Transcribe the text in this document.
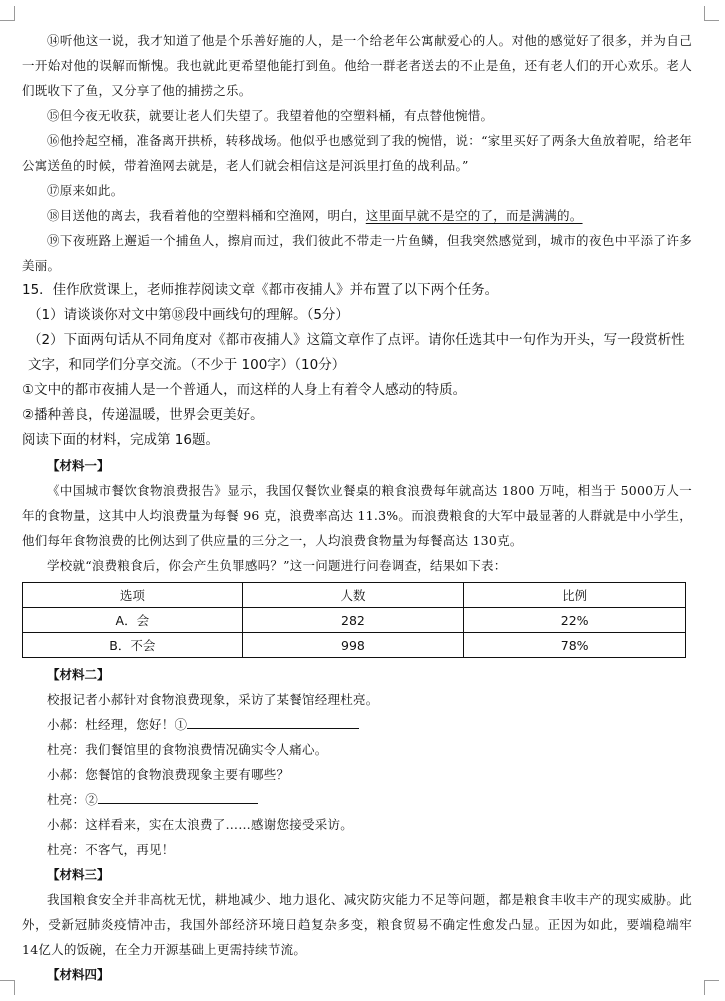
⑭听他这一说，我才知道了他是个乐善好施的人，是一个给老年公寓献爱心的人。对他的感觉好了很多，并为自己一开始对他的误解而惭愧。我也就此更希望他能打到鱼。他给一群老者送去的不止是鱼，还有老人们的开心欢乐。老人们既收下了鱼，又分享了他的捕捞之乐。

⑮但今夜无收获，就要让老人们失望了。我望着他的空塑料桶，有点替他惋惜。

⑯他拎起空桶，准备离开拱桥，转移战场。他似乎也感觉到了我的惋惜，说：“家里买好了两条大鱼放着呢，给老年公寓送鱼的时候，带着渔网去就是，老人们就会相信这是河浜里打鱼的战利品。”

⑰原来如此。

⑱目送他的离去，我看着他的空塑料桶和空渔网，明白，这里面早就不是空的了，而是满满的。

⑲下夜班路上邂逅一个捕鱼人，擦肩而过，我们彼此不带走一片鱼鳞，但我突然感觉到，城市的夜色中平添了许多美丽。

15．佳作欣赏课上，老师推荐阅读文章《都市夜捕人》并布置了以下两个任务。

（1）请谈谈你对文中第⑱段中画线句的理解。（5分）

（2）下面两句话从不同角度对《都市夜捕人》这篇文章作了点评。请你任选其中一句作为开头，写一段赏析性文字，和同学们分享交流。（不少于 100字）（10分）

①文中的都市夜捕人是一个普通人，而这样的人身上有着令人感动的特质。

②播种善良，传递温暖，世界会更美好。

阅读下面的材料，完成第 16题。

【材料一】

《中国城市餐饮食物浪费报告》显示，我国仅餐饮业餐桌的粮食浪费每年就高达 1800 万吨，相当于 5000万人一年的食物量，这其中人均浪费量为每餐 96 克，浪费率高达 11.3%。而浪费粮食的大军中最显著的人群就是中小学生，他们每年食物浪费的比例达到了供应量的三分之一，人均浪费食物量为每餐高达 130克。

学校就“浪费粮食后，你会产生负罪感吗？”这一问题进行问卷调查，结果如下表：

选项	人数	比例
A．会	282	22%
B．不会	998	78%

【材料二】

校报记者小郝针对食物浪费现象，采访了某餐馆经理杜亮。

小郝：杜经理，您好！①

杜亮：我们餐馆里的食物浪费情况确实令人痛心。

小郝：您餐馆的食物浪费现象主要有哪些？

杜亮：②

小郝：这样看来，实在太浪费了……感谢您接受采访。

杜亮：不客气，再见！

【材料三】

我国粮食安全并非高枕无忧，耕地减少、地力退化、减灾防灾能力不足等问题，都是粮食丰收丰产的现实威胁。此外，受新冠肺炎疫情冲击，我国外部经济环境日趋复杂多变，粮食贸易不确定性愈发凸显。正因为如此，要端稳端牢 14亿人的饭碗，在全力开源基础上更需持续节流。

【材料四】
